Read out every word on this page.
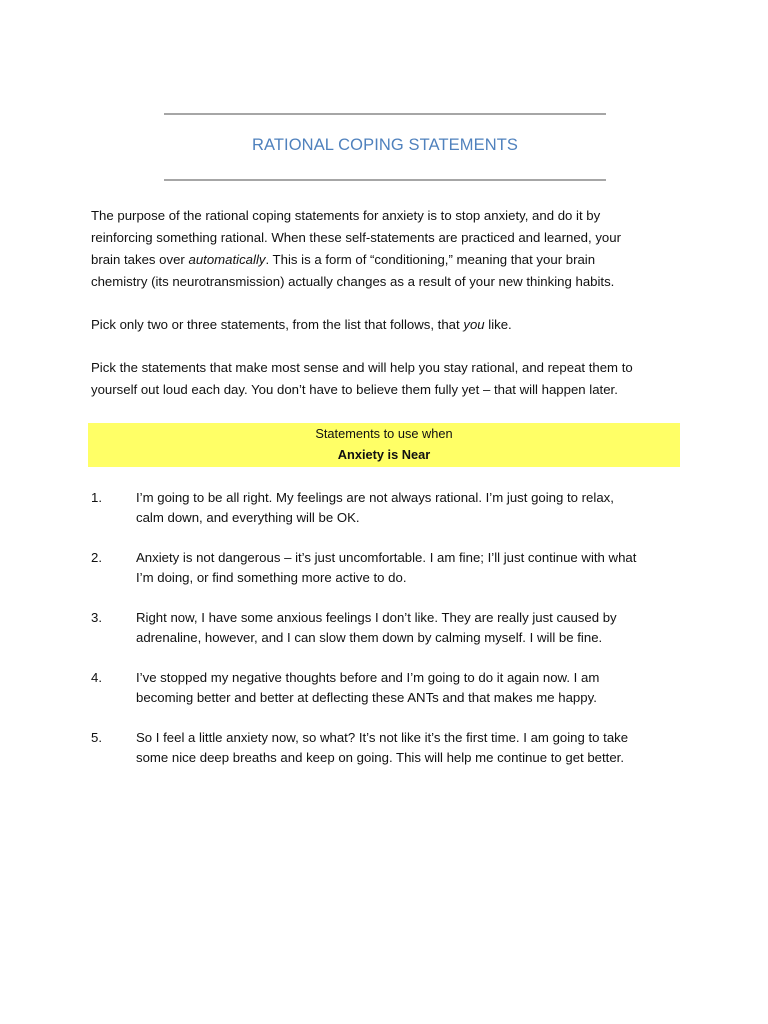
RATIONAL COPING STATEMENTS

The purpose of the rational coping statements for anxiety is to stop anxiety, and do it by
reinforcing something rational. When these self-statements are practiced and learned, your
brain takes over automatically. This is a form of “conditioning,” meaning that your brain
chemistry (its neurotransmission) actually changes as a result of your new thinking habits.

Pick only two or three statements, from the list that follows, that you like.

Pick the statements that make most sense and will help you stay rational, and repeat them to
yourself out loud each day. You don’t have to believe them fully yet – that will happen later.

Statements to use when
Anxiety is Near
1.	I’m going to be all right. My feelings are not always rational. I’m just going to relax,
calm down, and everything will be OK.
2.	Anxiety is not dangerous – it’s just uncomfortable. I am fine; I’ll just continue with what
I’m doing, or find something more active to do.
3.	Right now, I have some anxious feelings I don’t like. They are really just caused by
adrenaline, however, and I can slow them down by calming myself. I will be fine.
4.	I’ve stopped my negative thoughts before and I’m going to do it again now. I am
becoming better and better at deflecting these ANTs and that makes me happy.
5.	So I feel a little anxiety now, so what? It’s not like it’s the first time. I am going to take
some nice deep breaths and keep on going. This will help me continue to get better.
